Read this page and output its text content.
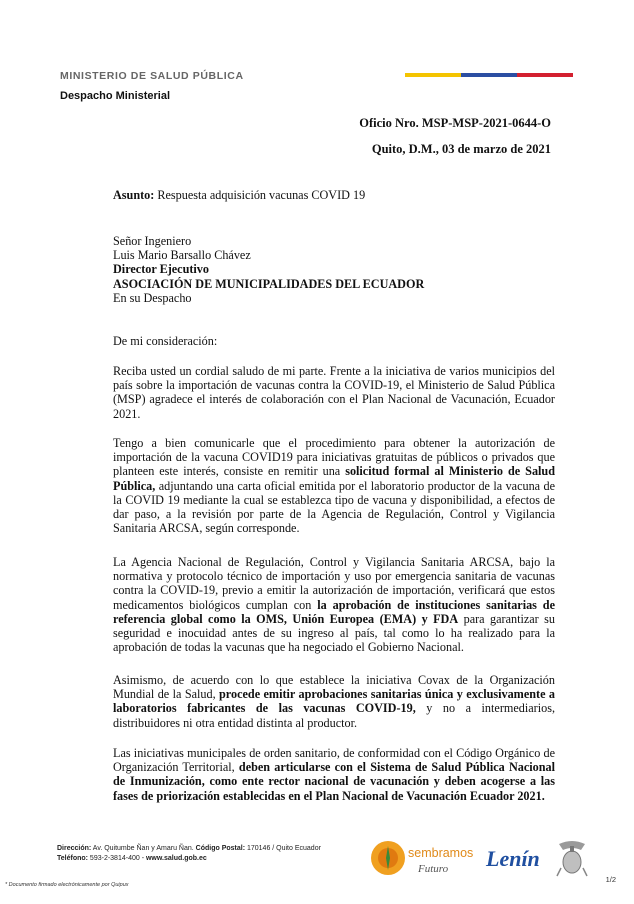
MINISTERIO DE SALUD PÚBLICA
Despacho Ministerial
Oficio Nro. MSP-MSP-2021-0644-O
Quito, D.M., 03 de marzo de 2021
Asunto: Respuesta adquisición vacunas COVID 19
Señor Ingeniero
Luis Mario Barsallo Chávez
Director Ejecutivo
ASOCIACIÓN DE MUNICIPALIDADES DEL ECUADOR
En su Despacho
De mi consideración:
Reciba usted un cordial saludo de mi parte. Frente a la iniciativa de varios municipios del país sobre la importación de vacunas contra la COVID-19, el Ministerio de Salud Pública (MSP) agradece el interés de colaboración con el Plan Nacional de Vacunación, Ecuador 2021.
Tengo a bien comunicarle que el procedimiento para obtener la autorización de importación de la vacuna COVID19 para iniciativas gratuitas de públicos o privados que planteen este interés, consiste en remitir una solicitud formal al Ministerio de Salud Pública, adjuntando una carta oficial emitida por el laboratorio productor de la vacuna de la COVID 19 mediante la cual se establezca tipo de vacuna y disponibilidad, a efectos de dar paso, a la revisión por parte de la Agencia de Regulación, Control y Vigilancia Sanitaria ARCSA, según corresponde.
La Agencia Nacional de Regulación, Control y Vigilancia Sanitaria ARCSA, bajo la normativa y protocolo técnico de importación y uso por emergencia sanitaria de vacunas contra la COVID-19, previo a emitir la autorización de importación, verificará que estos medicamentos biológicos cumplan con la aprobación de instituciones sanitarias de referencia global como la OMS, Unión Europea (EMA) y FDA para garantizar su seguridad e inocuidad antes de su ingreso al país, tal como lo ha realizado para la aprobación de todas la vacunas que ha negociado el Gobierno Nacional.
Asimismo, de acuerdo con lo que establece la iniciativa Covax de la Organización Mundial de la Salud, procede emitir aprobaciones sanitarias única y exclusivamente a laboratorios fabricantes de las vacunas COVID-19, y no a intermediarios, distribuidores ni otra entidad distinta al productor.
Las iniciativas municipales de orden sanitario, de conformidad con el Código Orgánico de Organización Territorial, deben articularse con el Sistema de Salud Pública Nacional de Inmunización, como ente rector nacional de vacunación y deben acogerse a las fases de priorización establecidas en el Plan Nacional de Vacunación Ecuador 2021.
Dirección: Av. Quitumbe Ñan y Amaru Ñan. Código Postal: 170146 / Quito Ecuador
Teléfono: 593-2-3814-400 - www.salud.gob.ec	sembramos
Futuro Lenín
* Documento firmado electrónicamente por Quipux
1/2
